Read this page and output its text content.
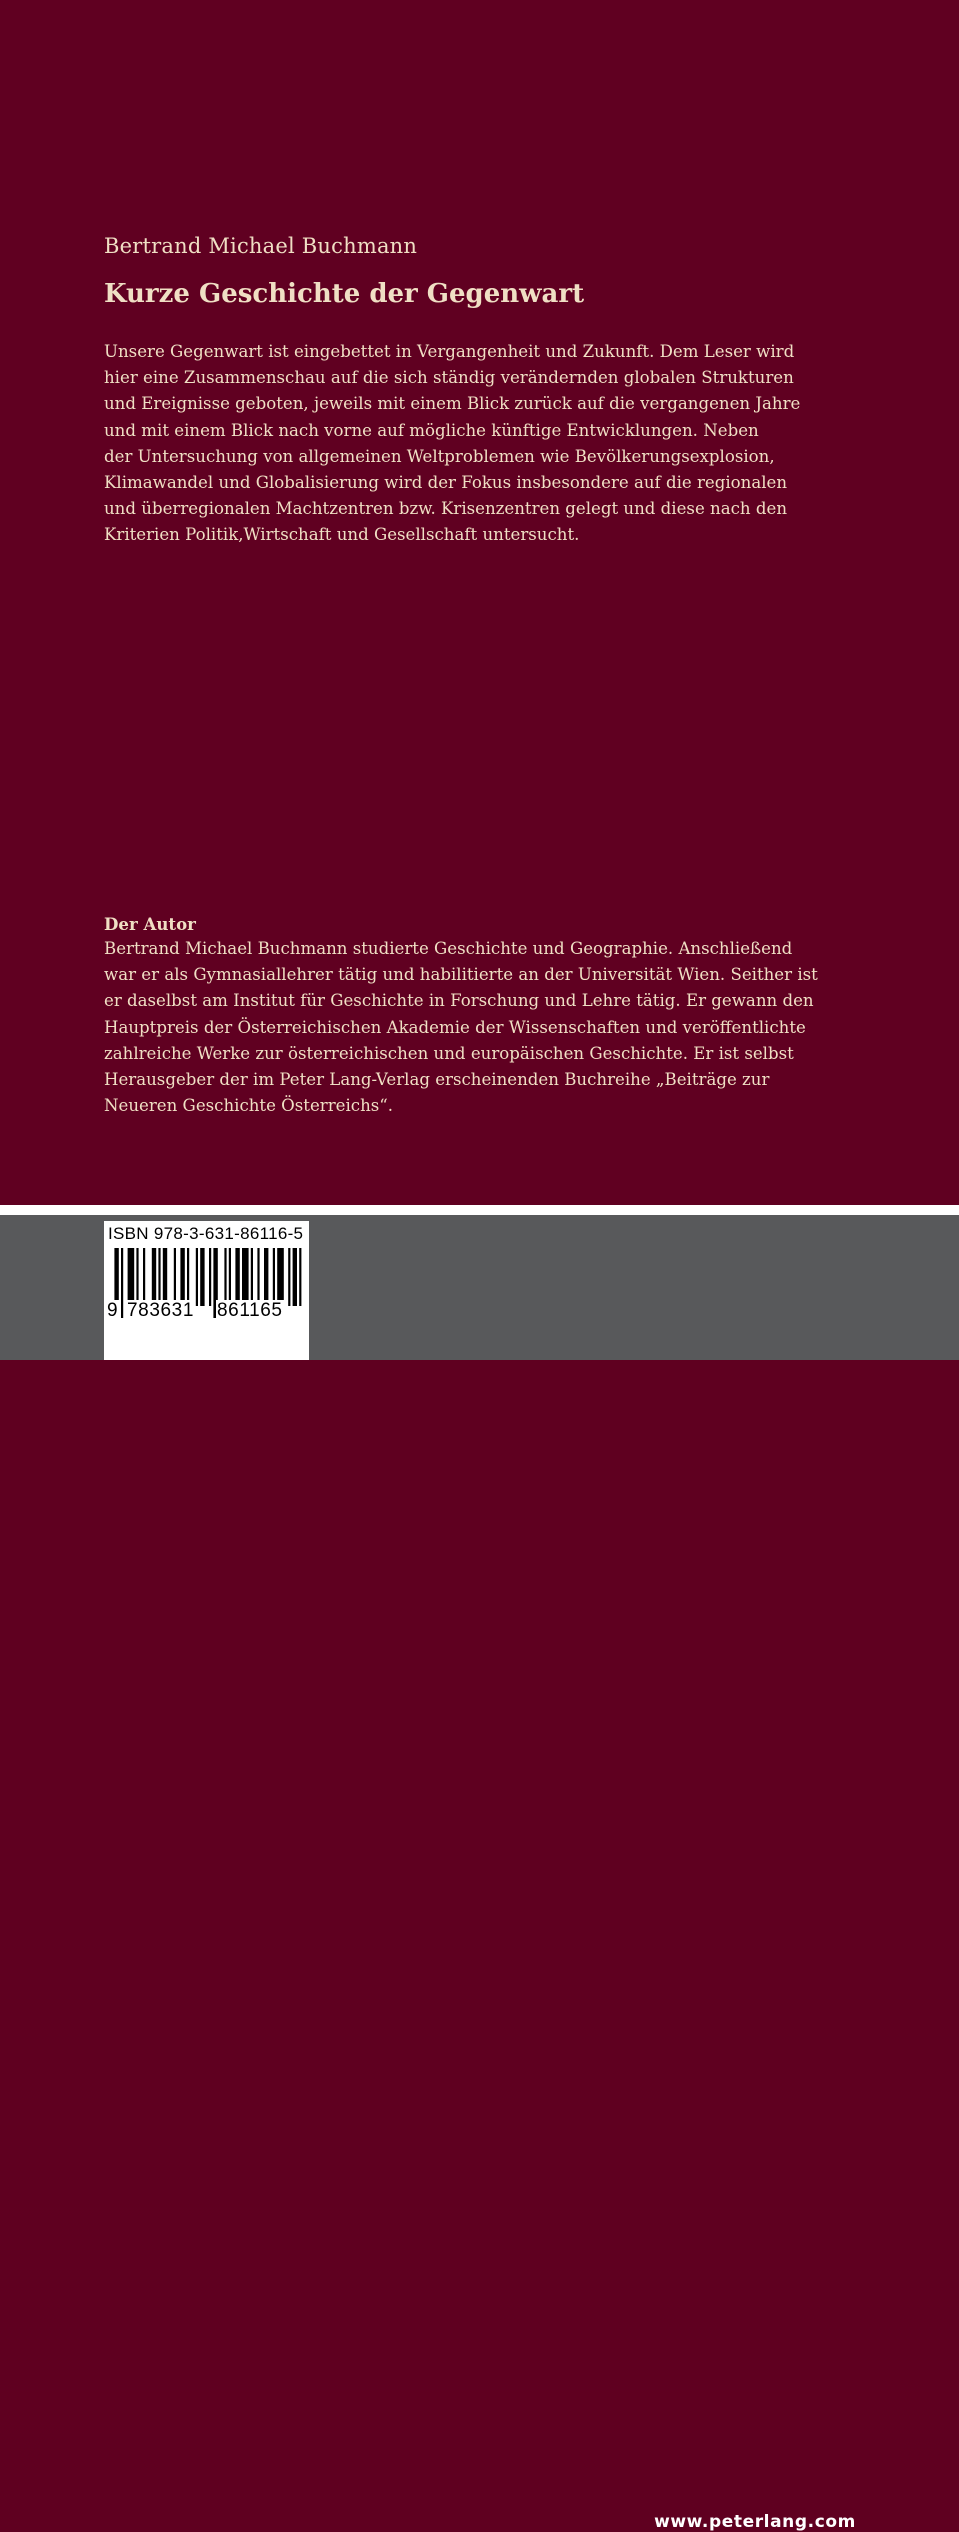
Bertrand Michael Buchmann
Kurze Geschichte der Gegenwart
Unsere Gegenwart ist eingebettet in Vergangenheit und Zukunft. Dem Leser wird
hier eine Zusammenschau auf die sich ständig verändernden globalen Strukturen
und Ereignisse geboten, jeweils mit einem Blick zurück auf die vergangenen Jahre
und mit einem Blick nach vorne auf mögliche künftige Entwicklungen. Neben
der Untersuchung von allgemeinen Weltproblemen wie Bevölkerungsexplosion,
Klimawandel und Globalisierung wird der Fokus insbesondere auf die regionalen
und überregionalen Machtzentren bzw. Krisenzentren gelegt und diese nach den
Kriterien Politik,Wirtschaft und Gesellschaft untersucht.
Der Autor
Bertrand Michael Buchmann studierte Geschichte und Geographie. Anschließend
war er als Gymnasiallehrer tätig und habilitierte an der Universität Wien. Seither ist
er daselbst am Institut für Geschichte in Forschung und Lehre tätig. Er gewann den
Hauptpreis der Österreichischen Akademie der Wissenschaften und veröffentlichte
zahlreiche Werke zur österreichischen und europäischen Geschichte. Er ist selbst
Herausgeber der im Peter Lang-Verlag erscheinenden Buchreihe „Beiträge zur
Neueren Geschichte Österreichs“.
www.peterlang.com
ISBN 978-3-631-86116-5
9 783631 861165
